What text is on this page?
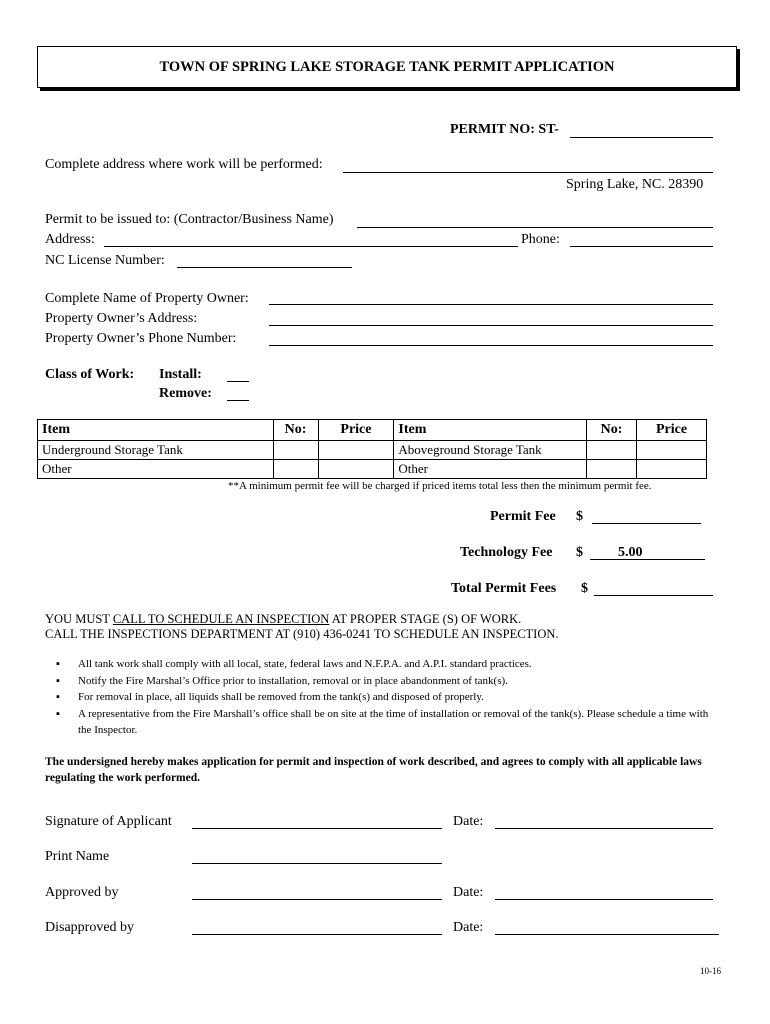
TOWN OF SPRING LAKE STORAGE TANK PERMIT APPLICATION
PERMIT NO: ST-
Complete address where work will be performed:
Spring Lake, NC. 28390
Permit to be issued to: (Contractor/Business Name)
Address:	Phone:
NC License Number:
Complete Name of Property Owner:
Property Owner’s Address:
Property Owner’s Phone Number:
Class of Work: Install:
Remove:
Item	No:	Price	Item	No:	Price
Underground Storage Tank			Aboveground Storage Tank		
Other			Other		
**A minimum permit fee will be charged if priced items total less then the minimum permit fee.
Permit Fee $
Technology Fee $	5.00
Total Permit Fees $
YOU MUST CALL TO SCHEDULE AN INSPECTION AT PROPER STAGE (S) OF WORK.
CALL THE INSPECTIONS DEPARTMENT AT (910) 436-0241 TO SCHEDULE AN INSPECTION.
▪ All tank work shall comply with all local, state, federal laws and N.F.P.A. and A.P.I. standard practices.
▪ Notify the Fire Marshal’s Office prior to installation, removal or in place abandonment of tank(s).
▪ For removal in place, all liquids shall be removed from the tank(s) and disposed of properly.
▪ A representative from the Fire Marshall’s office shall be on site at the time of installation or removal of the tank(s). Please schedule a time with the Inspector.
The undersigned hereby makes application for permit and inspection of work described, and agrees to comply with all applicable laws regulating the work performed.
Signature of Applicant	Date:
Print Name
Approved by	Date:
Disapproved by	Date:
10-16
